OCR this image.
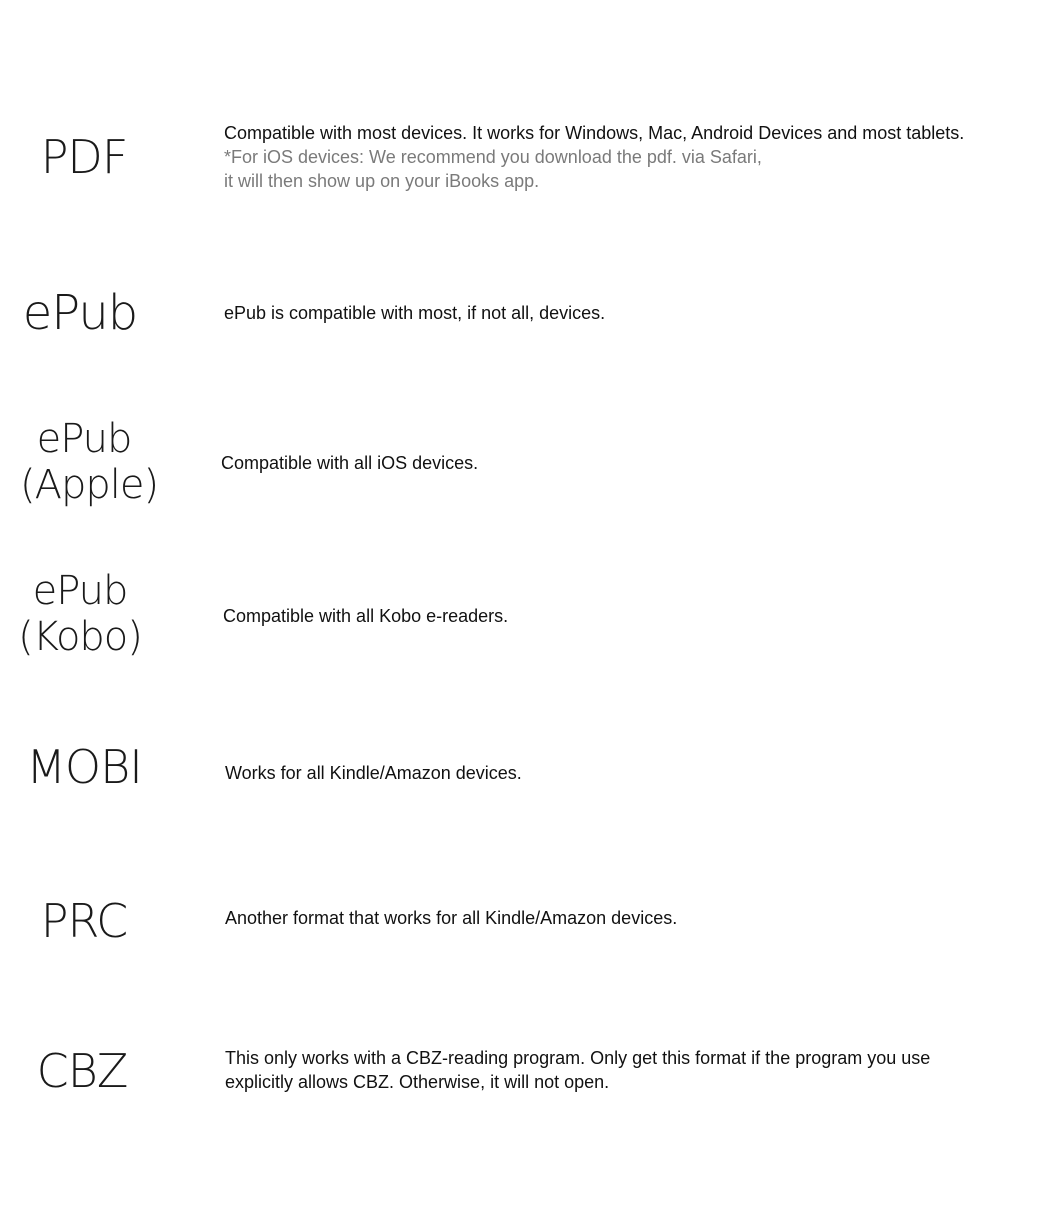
PDF	Compatible with most devices. It works for Windows, Mac, Android Devices and most tablets.
*For iOS devices: We recommend you download the pdf. via Safari,
it will then show up on your iBooks app.
ePub	ePub is compatible with most, if not all, devices.
ePub
(Apple)	Compatible with all iOS devices.
ePub
(Kobo)	Compatible with all Kobo e-readers.
MOBI	Works for all Kindle/Amazon devices.
PRC	Another format that works for all Kindle/Amazon devices.
CBZ	This only works with a CBZ-reading program. Only get this format if the program you use
explicitly allows CBZ. Otherwise, it will not open.
